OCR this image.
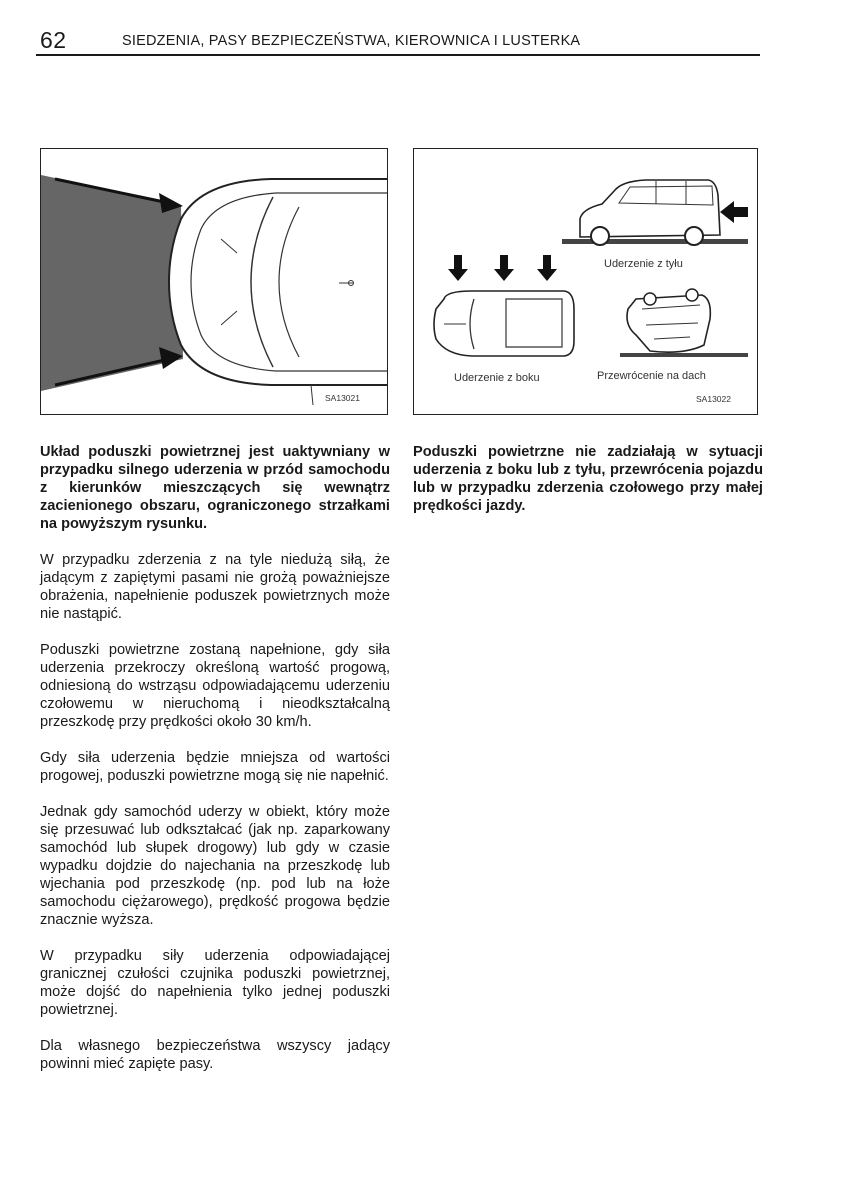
62	SIEDZENIA, PASY BEZPIECZEŃSTWA, KIEROWNICA I LUSTERKA
SA13021
Uderzenie z tyłu
Uderzenie z boku	Przewrócenie na dach
SA13022

Układ poduszki powietrznej jest uaktywniany w przypadku silnego uderzenia w przód samochodu z kierunków mieszczących się wewnątrz zacienionego obszaru, ograniczonego strzałkami na powyższym rysunku.

W przypadku zderzenia z na tyle niedużą siłą, że jadącym z zapiętymi pasami nie grożą poważniejsze obrażenia, napełnienie poduszek powietrznych może nie nastąpić.

Poduszki powietrzne zostaną napełnione, gdy siła uderzenia przekroczy określoną wartość progową, odniesioną do wstrząsu odpowiadającemu uderzeniu czołowemu w nieruchomą i nieodkształcalną przeszkodę przy prędkości około 30 km/h.

Gdy siła uderzenia będzie mniejsza od wartości progowej, poduszki powietrzne mogą się nie napełnić.

Jednak gdy samochód uderzy w obiekt, który może się przesuwać lub odkształcać (jak np. zaparkowany samochód lub słupek drogowy) lub gdy w czasie wypadku dojdzie do najechania na przeszkodę lub wjechania pod przeszkodę (np. pod lub na łoże samochodu ciężarowego), prędkość progowa będzie znacznie wyższa.

W przypadku siły uderzenia odpowiadającej granicznej czułości czujnika poduszki powietrznej, może dojść do napełnienia tylko jednej poduszki powietrznej.

Dla własnego bezpieczeństwa wszyscy jadący powinni mieć zapięte pasy.

Poduszki powietrzne nie zadziałają w sytuacji uderzenia z boku lub z tyłu, przewrócenia pojazdu lub w przypadku zderzenia czołowego przy małej prędkości jazdy.
